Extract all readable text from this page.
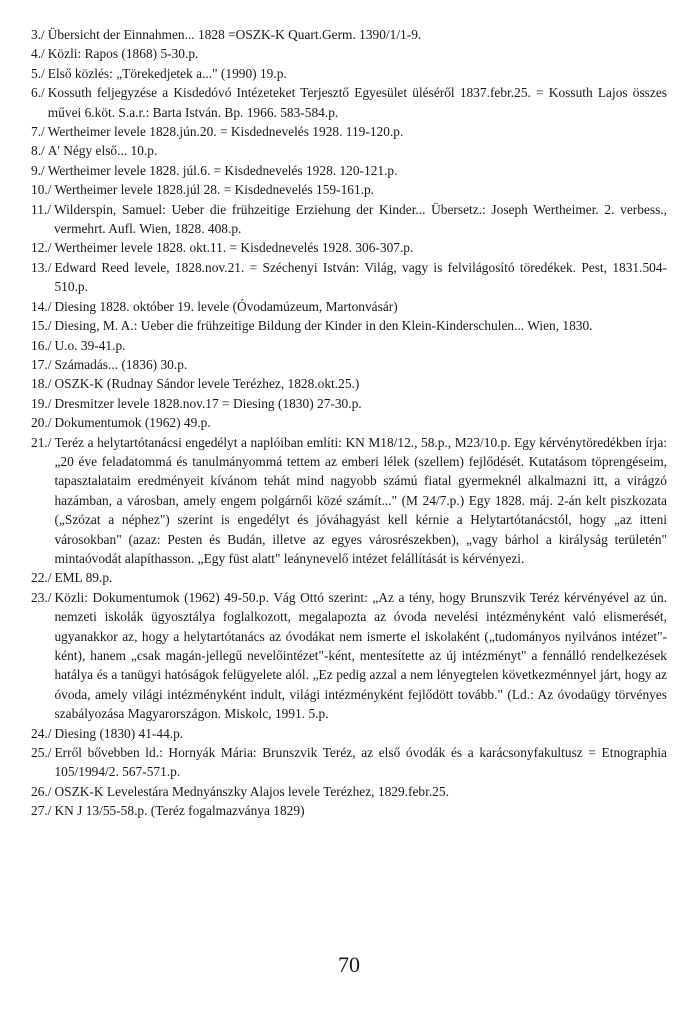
3./ Übersicht der Einnahmen... 1828 =OSZK-K Quart.Germ. 1390/1/1-9.
4./ Közli: Rapos (1868) 5-30.p.
5./ Első közlés: „Törekedjetek a..." (1990) 19.p.
6./ Kossuth feljegyzése a Kisdedóvó Intézeteket Terjesztő Egyesület üléséről 1837.febr.25. = Kossuth Lajos összes művei 6.köt. S.a.r.: Barta István. Bp. 1966. 583-584.p.
7./ Wertheimer levele 1828.jún.20. = Kisdednevelés 1928. 119-120.p.
8./ A' Négy első... 10.p.
9./ Wertheimer levele 1828. júl.6. = Kisdednevelés 1928. 120-121.p.
10./ Wertheimer levele 1828.júl 28. = Kisdednevelés 159-161.p.
11./ Wilderspin, Samuel: Ueber die frühzeitige Erziehung der Kinder... Übersetz.: Joseph Wertheimer. 2. verbess., vermehrt. Aufl. Wien, 1828. 408.p.
12./ Wertheimer levele 1828. okt.11. = Kisdednevelés 1928. 306-307.p.
13./ Edward Reed levele, 1828.nov.21. = Széchenyi István: Világ, vagy is felvilágosító töredékek. Pest, 1831.504-510.p.
14./ Diesing 1828. október 19. levele (Óvodamúzeum, Martonvásár)
15./ Diesing, M. A.: Ueber die frühzeitige Bildung der Kinder in den Klein-Kinderschulen... Wien, 1830.
16./ U.o. 39-41.p.
17./ Számadás... (1836) 30.p.
18./ OSZK-K (Rudnay Sándor levele Terézhez, 1828.okt.25.)
19./ Dresmitzer levele 1828.nov.17 = Diesing (1830) 27-30.p.
20./ Dokumentumok (1962) 49.p.
21./ Teréz a helytartótanácsi engedélyt a naplóiban említi: KN M18/12., 58.p., M23/10.p. Egy kérvénytöredékben írja: „20 éve feladatommá és tanulmányommá tettem az emberi lélek (szellem) fejlődését. Kutatásom töprengéseim, tapasztalataim eredményeit kívánom tehát mind nagyobb számú fiatal gyermeknél alkalmazni itt, a virágzó hazámban, a városban, amely engem polgárnői közé számít..." (M 24/7.p.) Egy 1828. máj. 2-án kelt piszkozata („Szózat a néphez") szerint is engedélyt és jóváhagyást kell kérnie a Helytartótanácstól, hogy „az itteni városokban" (azaz: Pesten és Budán, illetve az egyes városrészekben), „vagy bárhol a királyság területén" mintaóvodát alapíthasson. „Egy füst alatt" leánynevelő intézet felállítását is kérvényezi.
22./ EML 89.p.
23./ Közli: Dokumentumok (1962) 49-50.p. Vág Ottó szerint: „Az a tény, hogy Brunszvik Teréz kérvényével az ún. nemzeti iskolák ügyosztálya foglalkozott, megalapozta az óvoda nevelési intézményként való elismerését, ugyanakkor az, hogy a helytartótanács az óvodákat nem ismerte el iskolaként („tudományos nyilvános intézet"-ként), hanem „csak magán-jellegű nevelőintézet"-ként, mentesítette az új intézményt" a fennálló rendelkezések hatálya és a tanügyi hatóságok felügyelete alól. „Ez pedig azzal a nem lényegtelen következménnyel járt, hogy az óvoda, amely világi intézményként indult, világi intézményként fejlődött tovább." (Ld.: Az óvodaügy törvényes szabályozása Magyarországon. Miskolc, 1991. 5.p.
24./ Diesing (1830) 41-44.p.
25./ Erről bővebben ld.: Hornyák Mária: Brunszvik Teréz, az első óvodák és a karácsonyfakultusz = Etnographia 105/1994/2. 567-571.p.
26./ OSZK-K Levelestára Mednyánszky Alajos levele Terézhez, 1829.febr.25.
27./ KN J 13/55-58.p. (Teréz fogalmazványa 1829)
70
